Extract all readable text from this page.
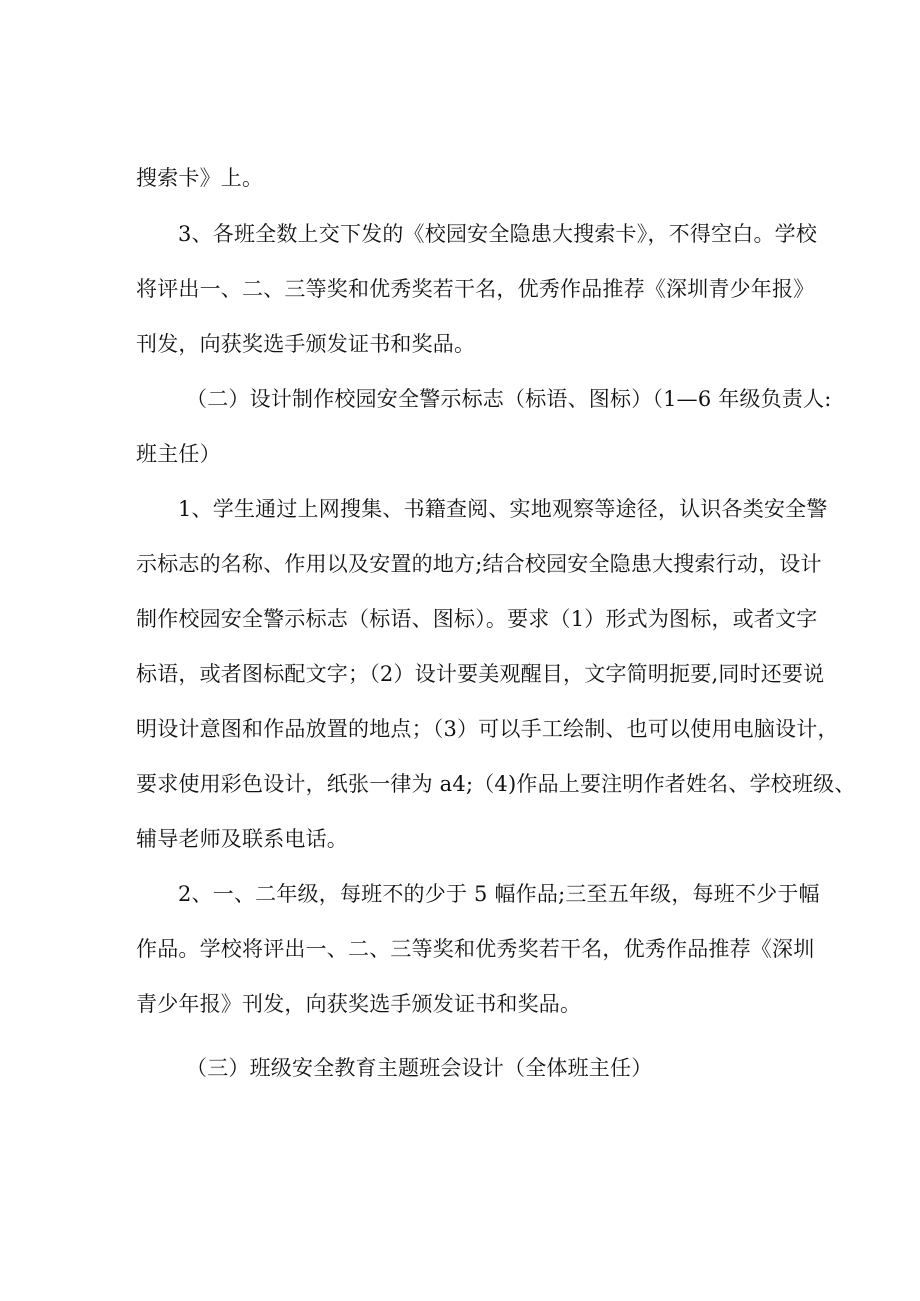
搜索卡》上。
3、各班全数上交下发的《校园安全隐患大搜索卡》，不得空白。学校
将评出一、二、三等奖和优秀奖若干名，优秀作品推荐《深圳青少年报》
刊发，向获奖选手颁发证书和奖品。
（二）设计制作校园安全警示标志（标语、图标）（1—6 年级负责人:
班主任）
1、学生通过上网搜集、书籍查阅、实地观察等途径，认识各类安全警
示标志的名称、作用以及安置的地方;结合校园安全隐患大搜索行动，设计
制作校园安全警示标志（标语、图标）。要求（1）形式为图标，或者文字
标语，或者图标配文字；（2）设计要美观醒目，文字简明扼要,同时还要说
明设计意图和作品放置的地点；（3）可以手工绘制、也可以使用电脑设计，
要求使用彩色设计，纸张一律为 a4;（4)作品上要注明作者姓名、学校班级、
辅导老师及联系电话。
2、一、二年级，每班不的少于 5 幅作品;三至五年级，每班不少于幅
作品。学校将评出一、二、三等奖和优秀奖若干名，优秀作品推荐《深圳
青少年报》刊发，向获奖选手颁发证书和奖品。
（三）班级安全教育主题班会设计（全体班主任）
